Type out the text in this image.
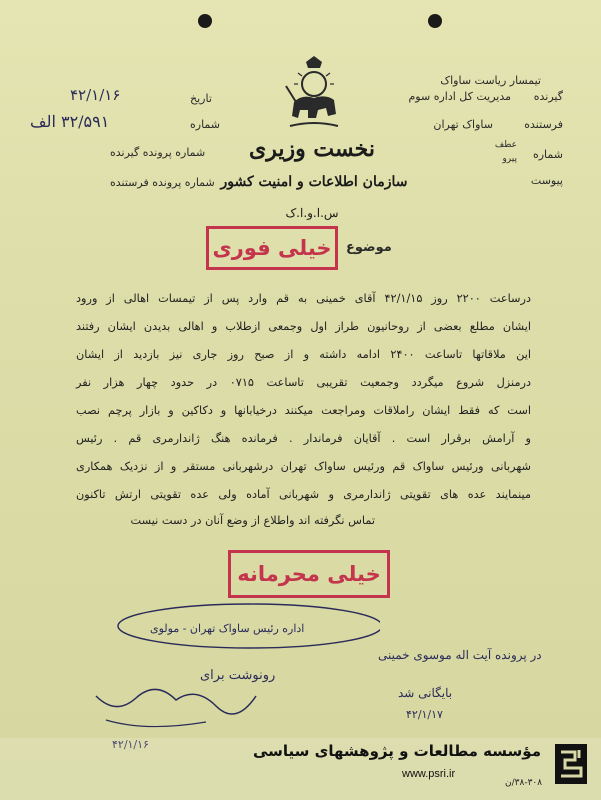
نخست وزیری
سازمان اطلاعات و امنیت کشور
س.ا.و.ا.ک
تاریخ
۴۲/۱/۱۶
شماره
۳۲/۵۹۱ الف
شماره پرونده گیرنده
شماره پرونده فرستنده
تیمسار ریاست ساواک
گیرنده
مدیریت کل اداره سوم
فرستنده
ساواک تهران
شماره
عطف
پیرو
پیوست
موضوع
خیلی فوری
درساعت ۲۲۰۰ روز ۴۲/۱/۱۵ آقای خمینی به قم وارد پس از تیمسات اهالی از ورود
ایشان مطلع بعضی از روحانیون طراز اول وجمعی ازطلاب و اهالی بدیدن ایشان رفتند
این ملاقاتها تاساعت ۲۴۰۰ ادامه داشته و از صبح روز جاری نیز بازدید از ایشان
درمنزل شروع میگردد وجمعیت تقریبی تاساعت ۰۷۱۵ در حدود چهار هزار نفر
است که فقط ایشان راملاقات ومراجعت میکنند درخیابانها و دکاکین و بازار پرچم نصب
و آرامش برقرار است . آقایان فرماندار . فرمانده هنگ ژاندارمری قم . رئیس
شهربانی ورئیس ساواک قم ورئیس ساواک تهران درشهربانی مستقر و از نزدیک همکاری
مینمایند عده های تقویتی ژاندارمری و شهربانی آماده ولی عده تقویتی ارتش تاکنون
تماس نگرفته اند واطلاع از وضع آنان در دست نیست
خیلی محرمانه
اداره رئیس ساواک تهران - مولوی
در پرونده آیت اله موسوی خمینی
بایگانی شد
۴۲/۱/۱۷
رونوشت برای
۴۲/۱/۱۶	مؤسسه مطالعات و پژوهشهای سیاسی
www.psri.ir
۳۸-۳۰۸/ن
